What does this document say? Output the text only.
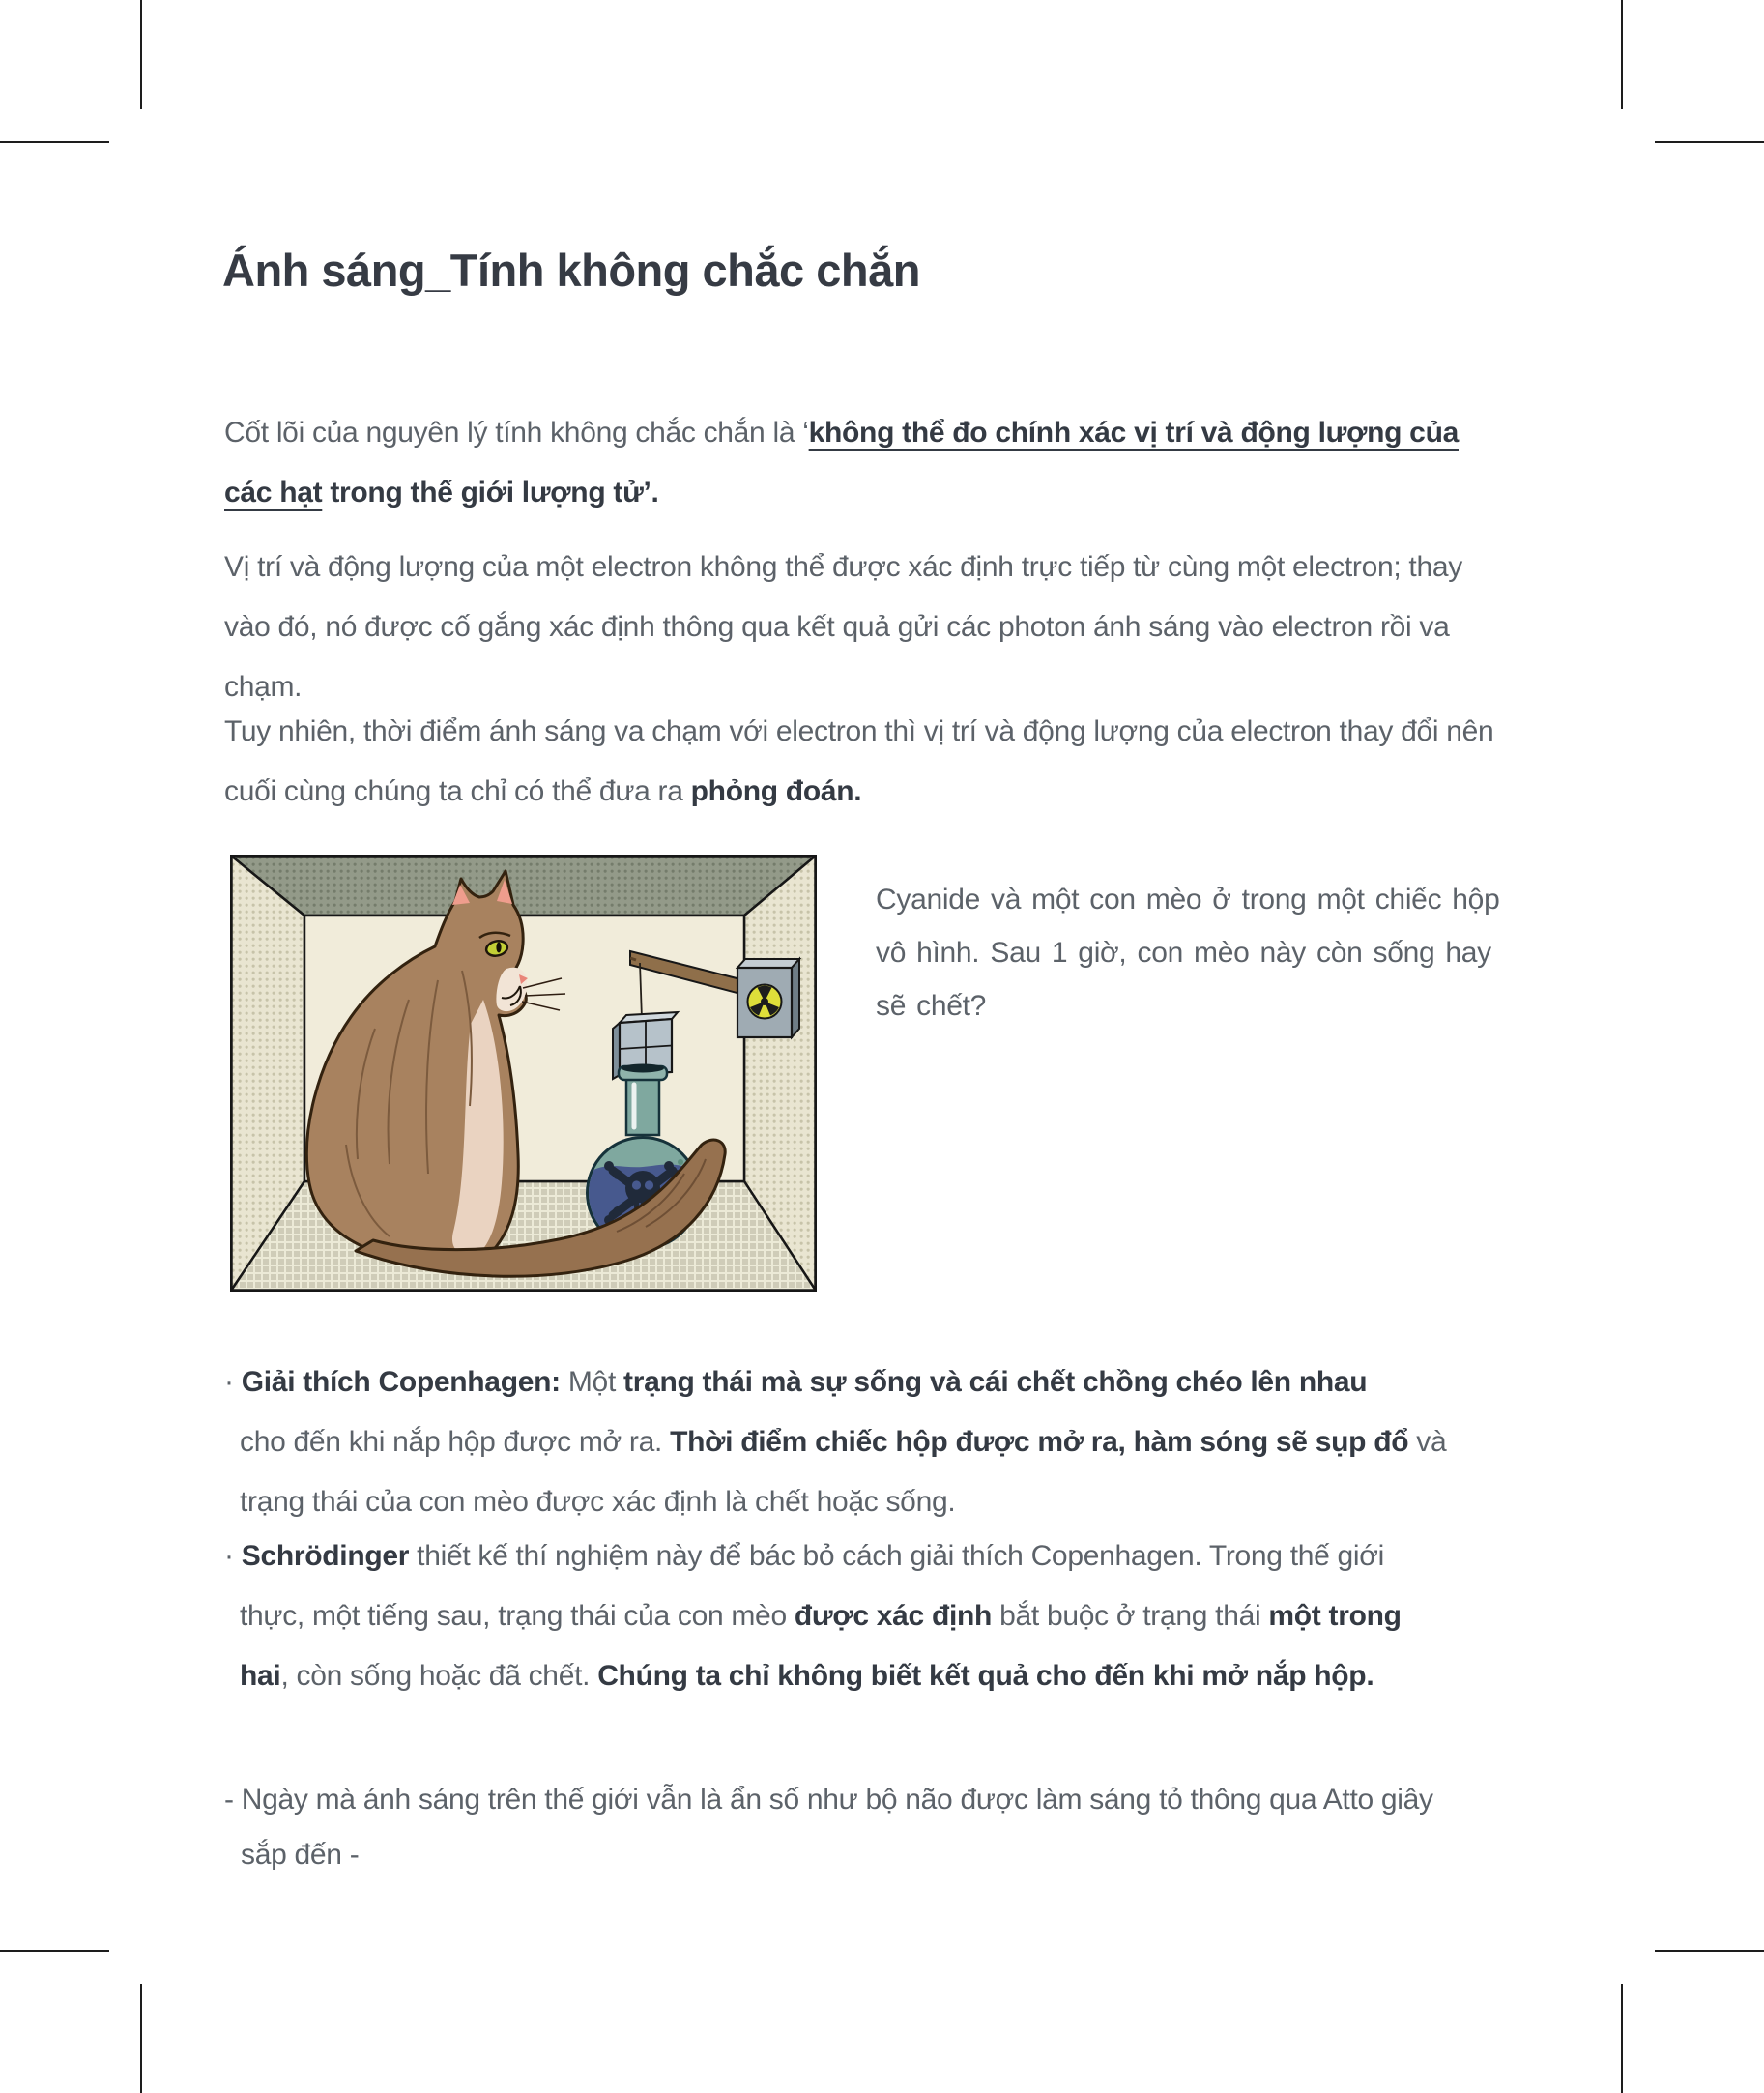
Ánh sáng_Tính không chắc chắn

Cốt lõi của nguyên lý tính không chắc chắn là ‘không thể đo chính xác vị trí và động lượng của
các hạt trong thế giới lượng tử’.

Vị trí và động lượng của một electron không thể được xác định trực tiếp từ cùng một electron; thay
vào đó, nó được cố gắng xác định thông qua kết quả gửi các photon ánh sáng vào electron rồi va
chạm.

Tuy nhiên, thời điểm ánh sáng va chạm với electron thì vị trí và động lượng của electron thay đổi nên
cuối cùng chúng ta chỉ có thể đưa ra phỏng đoán.

Cyanide và một con mèo ở trong một chiếc hộp
vô hình. Sau 1 giờ, con mèo này còn sống hay
sẽ chết?

· Giải thích Copenhagen: Một trạng thái mà sự sống và cái chết chồng chéo lên nhau
cho đến khi nắp hộp được mở ra. Thời điểm chiếc hộp được mở ra, hàm sóng sẽ sụp đổ và
trạng thái của con mèo được xác định là chết hoặc sống.

· Schrödinger thiết kế thí nghiệm này để bác bỏ cách giải thích Copenhagen. Trong thế giới
thực, một tiếng sau, trạng thái của con mèo được xác định bắt buộc ở trạng thái một trong
hai, còn sống hoặc đã chết. Chúng ta chỉ không biết kết quả cho đến khi mở nắp hộp.

- Ngày mà ánh sáng trên thế giới vẫn là ẩn số như bộ não được làm sáng tỏ thông qua Atto giây
sắp đến -
